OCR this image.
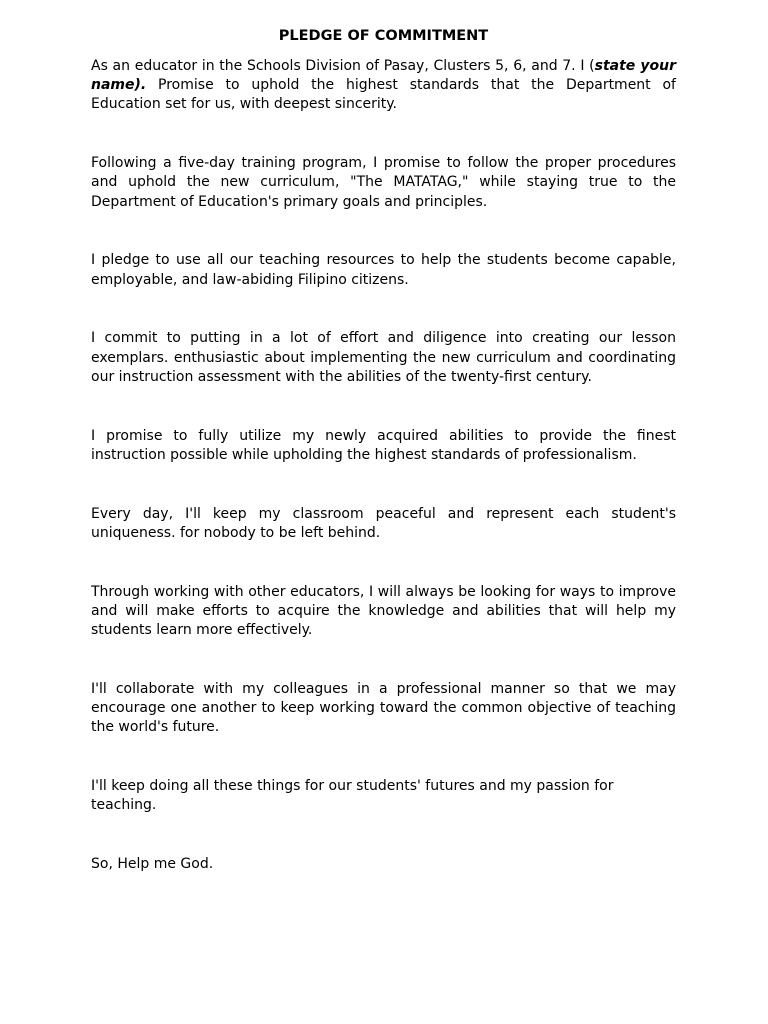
PLEDGE OF COMMITMENT

As an educator in the Schools Division of Pasay, Clusters 5, 6, and 7. I (state your name). Promise to uphold the highest standards that the Department of Education set for us, with deepest sincerity.

Following a five-day training program, I promise to follow the proper procedures and uphold the new curriculum, "The MATATAG," while staying true to the Department of Education's primary goals and principles.

I pledge to use all our teaching resources to help the students become capable, employable, and law-abiding Filipino citizens.

I commit to putting in a lot of effort and diligence into creating our lesson exemplars. enthusiastic about implementing the new curriculum and coordinating our instruction assessment with the abilities of the twenty-first century.

I promise to fully utilize my newly acquired abilities to provide the finest instruction possible while upholding the highest standards of professionalism.

Every day, I'll keep my classroom peaceful and represent each student's uniqueness. for nobody to be left behind.

Through working with other educators, I will always be looking for ways to improve and will make efforts to acquire the knowledge and abilities that will help my students learn more effectively.

I'll collaborate with my colleagues in a professional manner so that we may encourage one another to keep working toward the common objective of teaching the world's future.

I'll keep doing all these things for our students' futures and my passion for teaching.

So, Help me God.
